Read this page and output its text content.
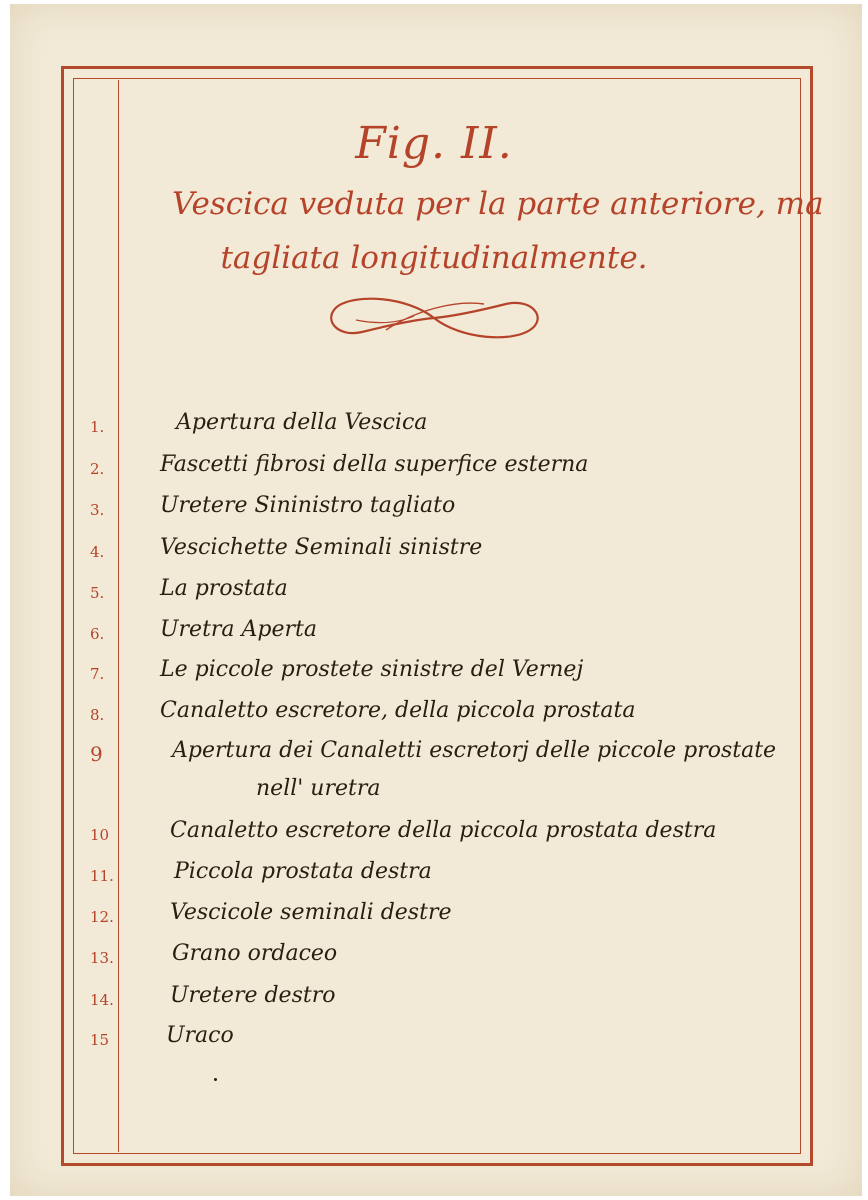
Fig. II.
Vescica veduta per la parte anteriore, ma
tagliata longitudinalmente.
1.	Apertura della Vescica
2.	Fascetti fibrosi della superfice esterna
3.	Uretere Sininistro tagliato
4.	Vescichette Seminali sinistre
5.	La prostata
6.	Uretra Aperta
7.	Le piccole prostete sinistre del Vernej
8.	Canaletto escretore, della piccola prostata
9	Apertura dei Canaletti escretorj delle piccole prostate
nell' uretra
10	Canaletto escretore della piccola prostata destra
11.	Piccola prostata destra
12.	Vescicole seminali destre
13.	Grano ordaceo
14.	Uretere destro
15	Uraco
